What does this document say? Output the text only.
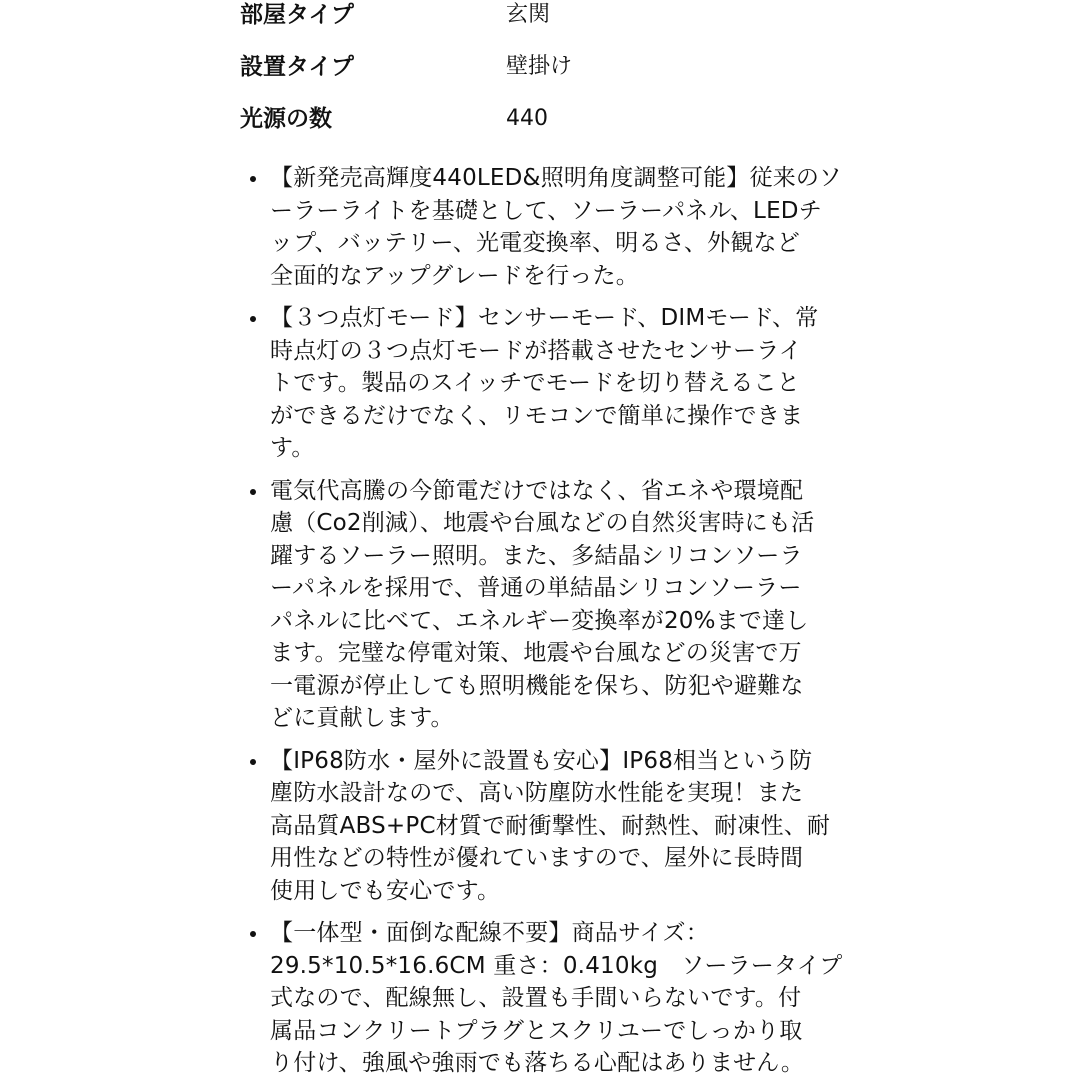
部屋タイプ	玄関
設置タイプ	壁掛け
光源の数	440
【新発売高輝度440LED&照明角度調整可能】従来のソ
ーラーライトを基礎として、ソーラーパネル、LEDチ
ップ、バッテリー、光電変換率、明るさ、外観など
全面的なアップグレードを行った。
【３つ点灯モード】センサーモード、DIMモード、常
時点灯の３つ点灯モードが搭載させたセンサーライ
トです。製品のスイッチでモードを切り替えること
ができるだけでなく、リモコンで簡単に操作できま
す。
電気代高騰の今節電だけではなく、省エネや環境配
慮（Co2削減）、地震や台風などの自然災害時にも活
躍するソーラー照明。また、多結晶シリコンソーラ
ーパネルを採用で、普通の単結晶シリコンソーラー
パネルに比べて、エネルギー変換率が20%まで達し
ます。完璧な停電対策、地震や台風などの災害で万
一電源が停止しても照明機能を保ち、防犯や避難な
どに貢献します。
【IP68防水・屋外に設置も安心】IP68相当という防
塵防水設計なので、高い防塵防水性能を実現！また
高品質ABS+PC材質で耐衝撃性、耐熱性、耐凍性、耐
用性などの特性が優れていますので、屋外に長時間
使用しでも安心です。
【一体型・面倒な配線不要】商品サイズ：
29.5*10.5*16.6CM 重さ：0.410kg　ソーラータイプ
式なので、配線無し、設置も手間いらないです。付
属品コンクリートプラグとスクリユーでしっかり取
り付け、強風や強雨でも落ちる心配はありません。
